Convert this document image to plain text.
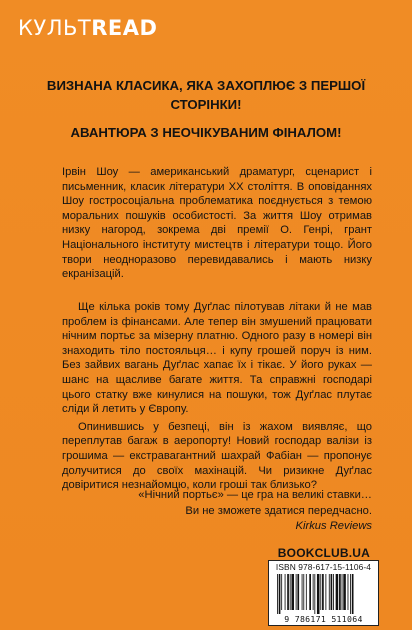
КУЛЬТREAD

ВИЗНАНА КЛАСИКА, ЯКА ЗАХОПЛЮЄ З ПЕРШОЇ СТОРІНКИ!

АВАНТЮРА З НЕОЧІКУВАНИМ ФІНАЛОМ!

Ірвін Шоу — американський драматург, сценарист і письменник, класик літератури XX століття. В оповіданнях Шоу гостросоціальна проблематика поєднується з темою моральних пошуків особистості. За життя Шоу отримав низку нагород, зокрема дві премії О. Генрі, грант Національного інституту мистецтв і літератури тощо. Його твори неодноразово перевидавались і мають низку екранізацій.

Ще кілька років тому Дуґлас пілотував літаки й не мав проблем із фінансами. Але тепер він змушений працювати нічним портьє за мізерну платню. Одного разу в номері він знаходить тіло постояльця… і купу грошей поруч із ним. Без зайвих вагань Дуґлас хапає їх і тікає. У його руках — шанс на щасливе багате життя. Та справжні господарі цього статку вже кинулися на пошуки, тож Дуґлас плутає сліди й летить у Європу.

Опинившись у безпеці, він із жахом виявляє, що переплутав багаж в аеропорту! Новий господар валізи із грошима — екстравагантний шахрай Фабіан — пропонує долучитися до своїх махінацій. Чи ризикне Дуґлас довіритися незнайомцю, коли гроші так близько?

«Нічний портьє» — це гра на великі ставки…
Ви не зможете здатися передчасно.
Kirkus Reviews
BOOKCLUB.UA
ISBN 978-617-15-1106-4
9 786171 511064
